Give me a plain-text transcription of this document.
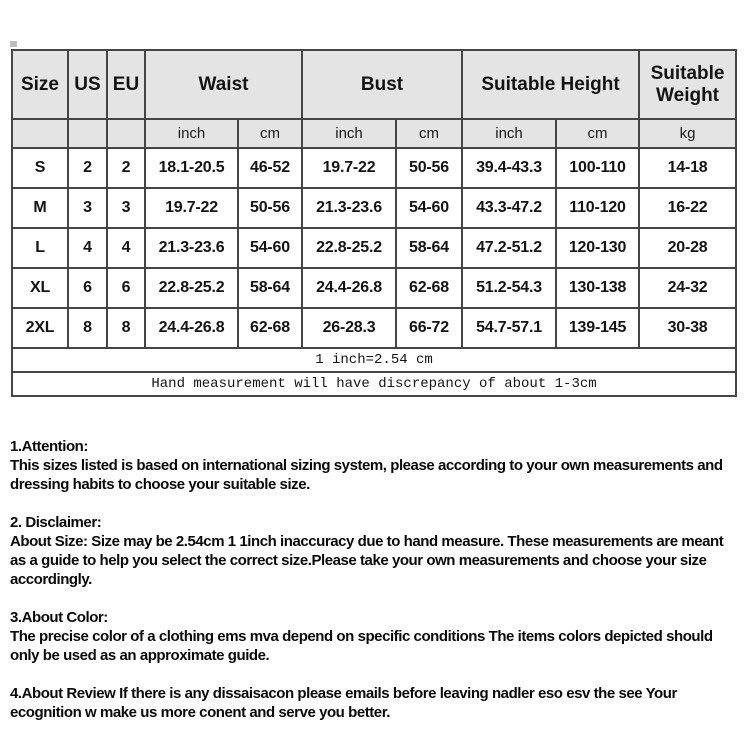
Size	US	EU	Waist		Bust		Suitable Height		Suitable Weight
			inch	cm	inch	cm	inch	cm	kg
S	2	2	18.1-20.5	46-52	19.7-22	50-56	39.4-43.3	100-110	14-18
M	3	3	19.7-22	50-56	21.3-23.6	54-60	43.3-47.2	110-120	16-22
L	4	4	21.3-23.6	54-60	22.8-25.2	58-64	47.2-51.2	120-130	20-28
XL	6	6	22.8-25.2	58-64	24.4-26.8	62-68	51.2-54.3	130-138	24-32
2XL	8	8	24.4-26.8	62-68	26-28.3	66-72	54.7-57.1	139-145	30-38
1 inch=2.54 cm									
Hand measurement will have discrepancy of about 1-3cm									
1.Attention:
This sizes listed is based on international sizing system, please according to your own measurements and dressing habits to choose your suitable size.
2. Disclaimer:
About Size: Size may be 2.54cm 1 1inch inaccuracy due to hand measure. These measurements are meant as a guide to help you select the correct size.Please take your own measurements and choose your size accordingly.
3.About Color:
The precise color of a clothing ems mva depend on specific conditions The items colors depicted should only be used as an approximate guide.
4.About Review If there is any dissaisacon please emails before leaving nadler eso esv the see Your ecognition w make us more conent and serve you better.
